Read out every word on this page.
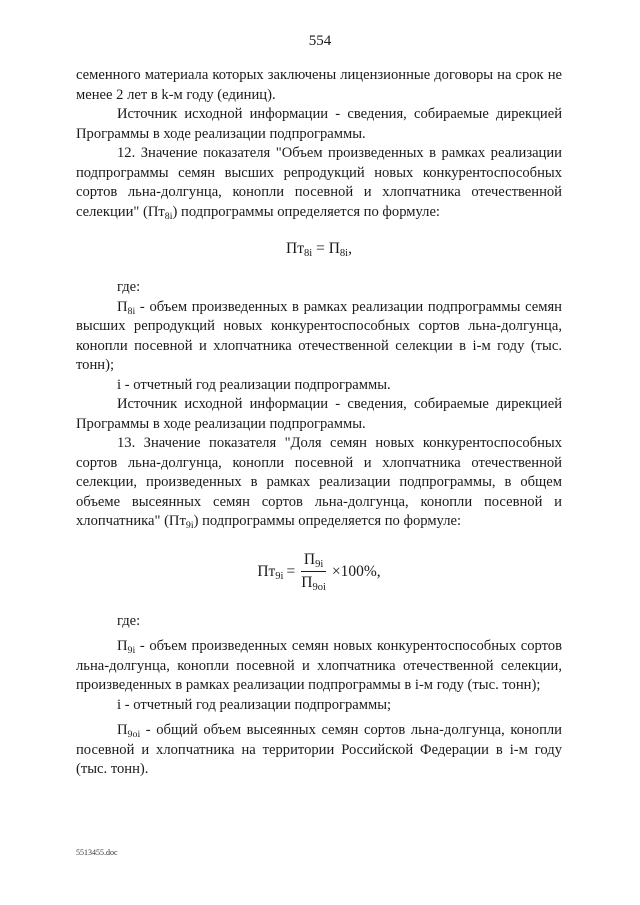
554

семенного материала которых заключены лицензионные договоры на срок не менее 2 лет в k-м году (единиц).

Источник исходной информации - сведения, собираемые дирекцией Программы в ходе реализации подпрограммы.

12. Значение показателя "Объем произведенных в рамках реализации подпрограммы семян высших репродукций новых конкурентоспособных сортов льна-долгунца, конопли посевной и хлопчатника отечественной селекции" $(Пт_{8i})$ подпрограммы определяется по формуле:

$Пт_{8i} = П_{8i}$,

где:

$П_{8i}$ - объем произведенных в рамках реализации подпрограммы семян высших репродукций новых конкурентоспособных сортов льна-долгунца, конопли посевной и хлопчатника отечественной селекции в i-м году (тыс. тонн);

i - отчетный год реализации подпрограммы.

Источник исходной информации - сведения, собираемые дирекцией Программы в ходе реализации подпрограммы.

13. Значение показателя "Доля семян новых конкурентоспособных сортов льна-долгунца, конопли посевной и хлопчатника отечественной селекции, произведенных в рамках реализации подпрограммы, в общем объеме высеянных семян сортов льна-долгунца, конопли посевной и хлопчатника" $(Пт_{9i})$ подпрограммы определяется по формуле:

$Пт_{9i} = \frac{П_{9i}}{П_{9oi}} \times 100\%$,

где:

$П_{9i}$ - объем произведенных семян новых конкурентоспособных сортов льна-долгунца, конопли посевной и хлопчатника отечественной селекции, произведенных в рамках реализации подпрограммы в i-м году (тыс. тонн);

i - отчетный год реализации подпрограммы;

$П_{9oi}$ - общий объем высеянных семян сортов льна-долгунца, конопли посевной и хлопчатника на территории Российской Федерации в i-м году (тыс. тонн).

5513455.doc
